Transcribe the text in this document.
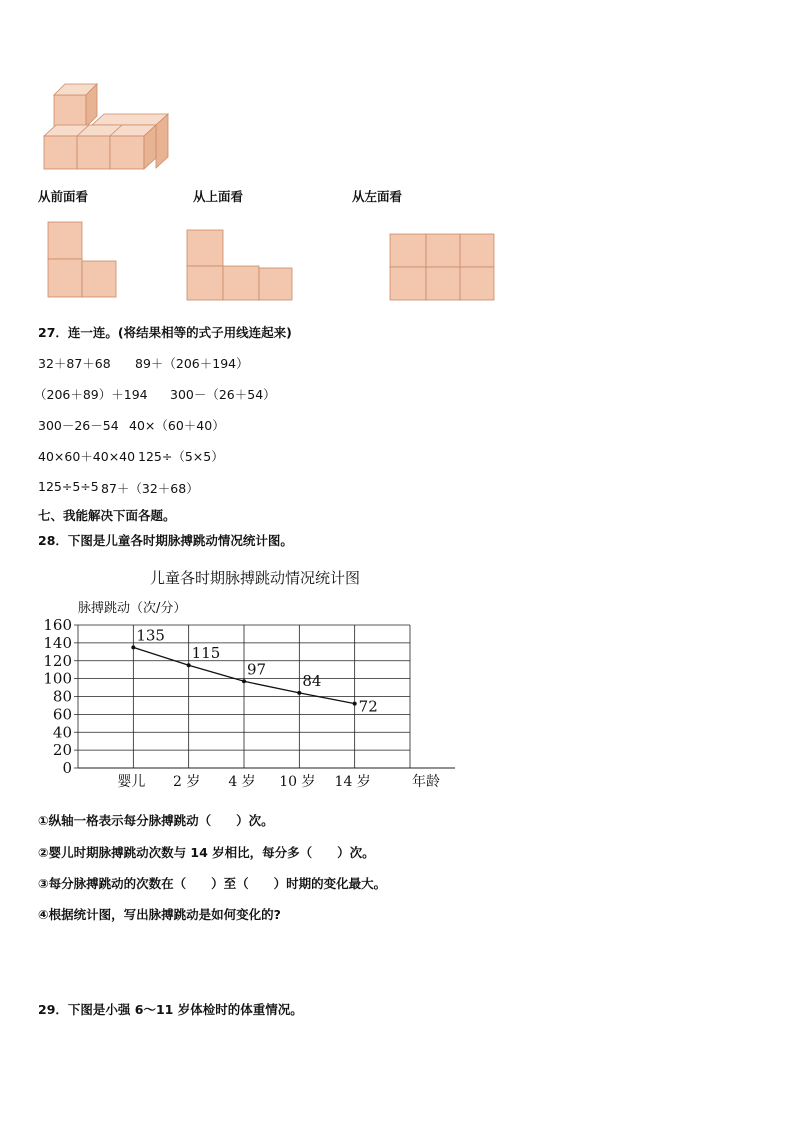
从前面看	从上面看	从左面看
27．连一连。(将结果相等的式子用线连起来)
32＋87＋68 89＋（206＋194）
（206＋89）＋194 300－（26＋54）
300－26－54 40×（60＋40）
40×60＋40×40 125÷（5×5）
125÷5÷5 87＋（32＋68）
七、我能解决下面各题。
28．下图是儿童各时期脉搏跳动情况统计图。
儿童各时期脉搏跳动情况统计图
脉搏跳动（次/分）
年龄
0
20
40
60
80
100
120
140
160
婴儿 2 岁 4 岁 10 岁 14 岁
135
115
97
84
72
①纵轴一格表示每分脉搏跳动（　　）次。
②婴儿时期脉搏跳动次数与 14 岁相比，每分多（　　）次。
③每分脉搏跳动的次数在（　　）至（　　）时期的变化最大。
④根据统计图，写出脉搏跳动是如何变化的?
29．下图是小强 6～11 岁体检时的体重情况。
